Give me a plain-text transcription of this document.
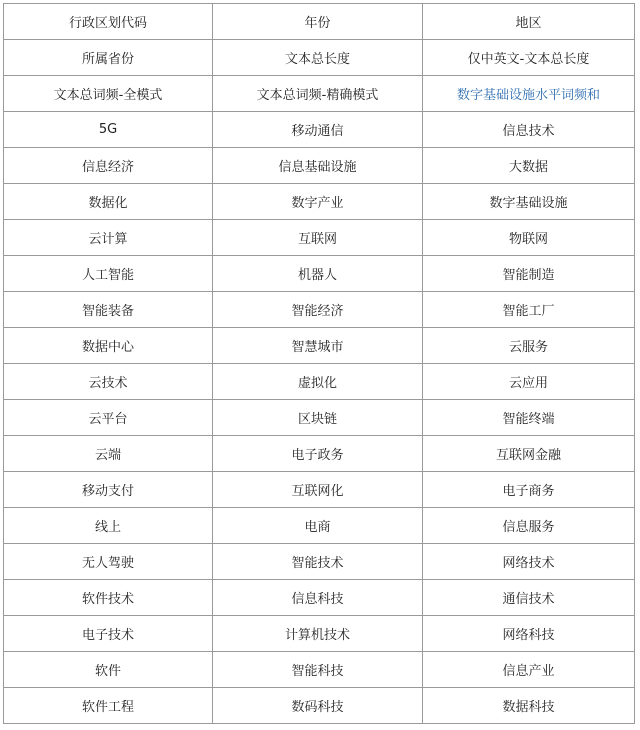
行政区划代码	年份	地区
所属省份	文本总长度	仅中英文-文本总长度
文本总词频-全模式	文本总词频-精确模式	数字基础设施水平词频和
5G	移动通信	信息技术
信息经济	信息基础设施	大数据
数据化	数字产业	数字基础设施
云计算	互联网	物联网
人工智能	机器人	智能制造
智能装备	智能经济	智能工厂
数据中心	智慧城市	云服务
云技术	虚拟化	云应用
云平台	区块链	智能终端
云端	电子政务	互联网金融
移动支付	互联网化	电子商务
线上	电商	信息服务
无人驾驶	智能技术	网络技术
软件技术	信息科技	通信技术
电子技术	计算机技术	网络科技
软件	智能科技	信息产业
软件工程	数码科技	数据科技
